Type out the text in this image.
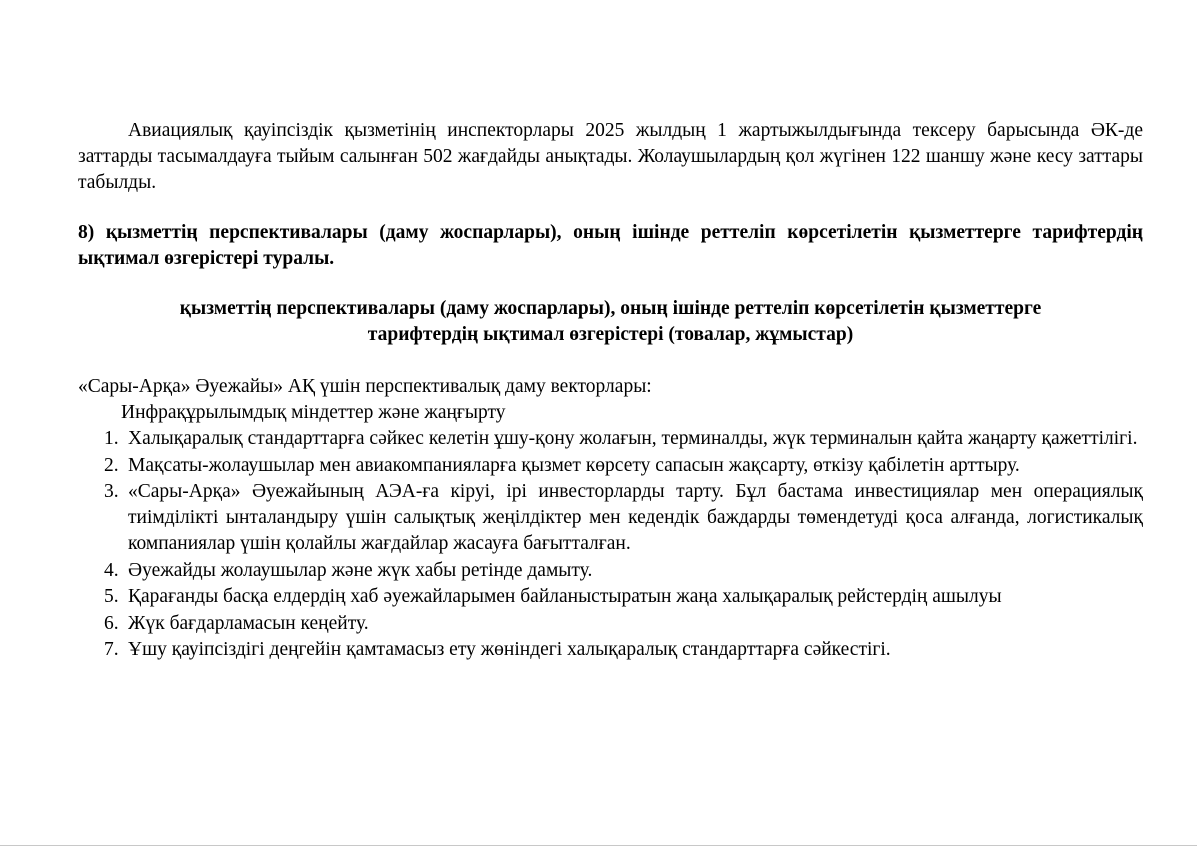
Авиациялық қауіпсіздік қызметінің инспекторлары 2025 жылдың 1 жартыжылдығында тексеру барысында ӘК-де заттарды тасымалдауға тыйым салынған 502 жағдайды анықтады. Жолаушылардың қол жүгінен 122 шаншу және кесу заттары табылды.

8) қызметтің перспективалары (даму жоспарлары), оның ішінде реттеліп көрсетілетін қызметтерге тарифтердің ықтимал өзгерістері туралы.

қызметтің перспективалары (даму жоспарлары), оның ішінде реттеліп көрсетілетін қызметтерге
тарифтердің ықтимал өзгерістері (товалар, жұмыстар)

«Сары-Арқа» Әуежайы» АҚ үшін перспективалық даму векторлары:

Инфрақұрылымдық міндеттер және жаңғырту

1. Халықаралық стандарттарға сәйкес келетін ұшу-қону жолағын, терминалды, жүк терминалын қайта жаңарту қажеттілігі.
2. Мақсаты-жолаушылар мен авиакомпанияларға қызмет көрсету сапасын жақсарту, өткізу қабілетін арттыру.
3. «Сары-Арқа» Әуежайының АЭА-ға кіруі, ірі инвесторларды тарту. Бұл бастама инвестициялар мен операциялық тиімділікті ынталандыру үшін салықтық жеңілдіктер мен кедендік баждарды төмендетуді қоса алғанда, логистикалық компаниялар үшін қолайлы жағдайлар жасауға бағытталған.
4. Әуежайды жолаушылар және жүк хабы ретінде дамыту.
5. Қарағанды басқа елдердің хаб әуежайларымен байланыстыратын жаңа халықаралық рейстердің ашылуы
6. Жүк бағдарламасын кеңейту.
7. Ұшу қауіпсіздігі деңгейін қамтамасыз ету жөніндегі халықаралық стандарттарға сәйкестігі.
